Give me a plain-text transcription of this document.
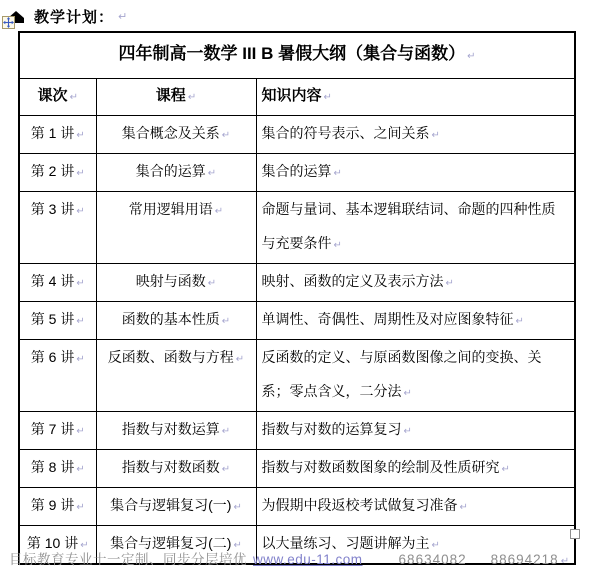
教学计划：
↵
四年制高一数学 III B 暑假大纲（集合与函数） ↵
课次 ↵	课程 ↵	知识内容 ↵
第 1 讲 ↵	集合概念及关系 ↵	集合的符号表示、之间关系 ↵
第 2 讲 ↵	集合的运算 ↵	集合的运算 ↵
第 3 讲 ↵	常用逻辑用语 ↵	命题与量词、基本逻辑联结词、命题的四种性质与充要条件 ↵
第 4 讲 ↵	映射与函数 ↵	映射、函数的定义及表示方法 ↵
第 5 讲 ↵	函数的基本性质 ↵	单调性、奇偶性、周期性及对应图象特征 ↵
第 6 讲 ↵	反函数、函数与方程 ↵	反函数的定义、与原函数图像之间的变换、关系；零点含义，二分法 ↵
第 7 讲 ↵	指数与对数运算 ↵	指数与对数的运算复习 ↵
第 8 讲 ↵	指数与对数函数 ↵	指数与对数函数图象的绘制及性质研究 ↵
第 9 讲 ↵	集合与逻辑复习(一) ↵	为假期中段返校考试做复习准备 ↵
第 10 讲 ↵	集合与逻辑复习(二) ↵	以大量练习、习题讲解为主 ↵
目标教育专业十一定制、同步分层培优 www.edu-11.com	68634082 88694218 ↵
